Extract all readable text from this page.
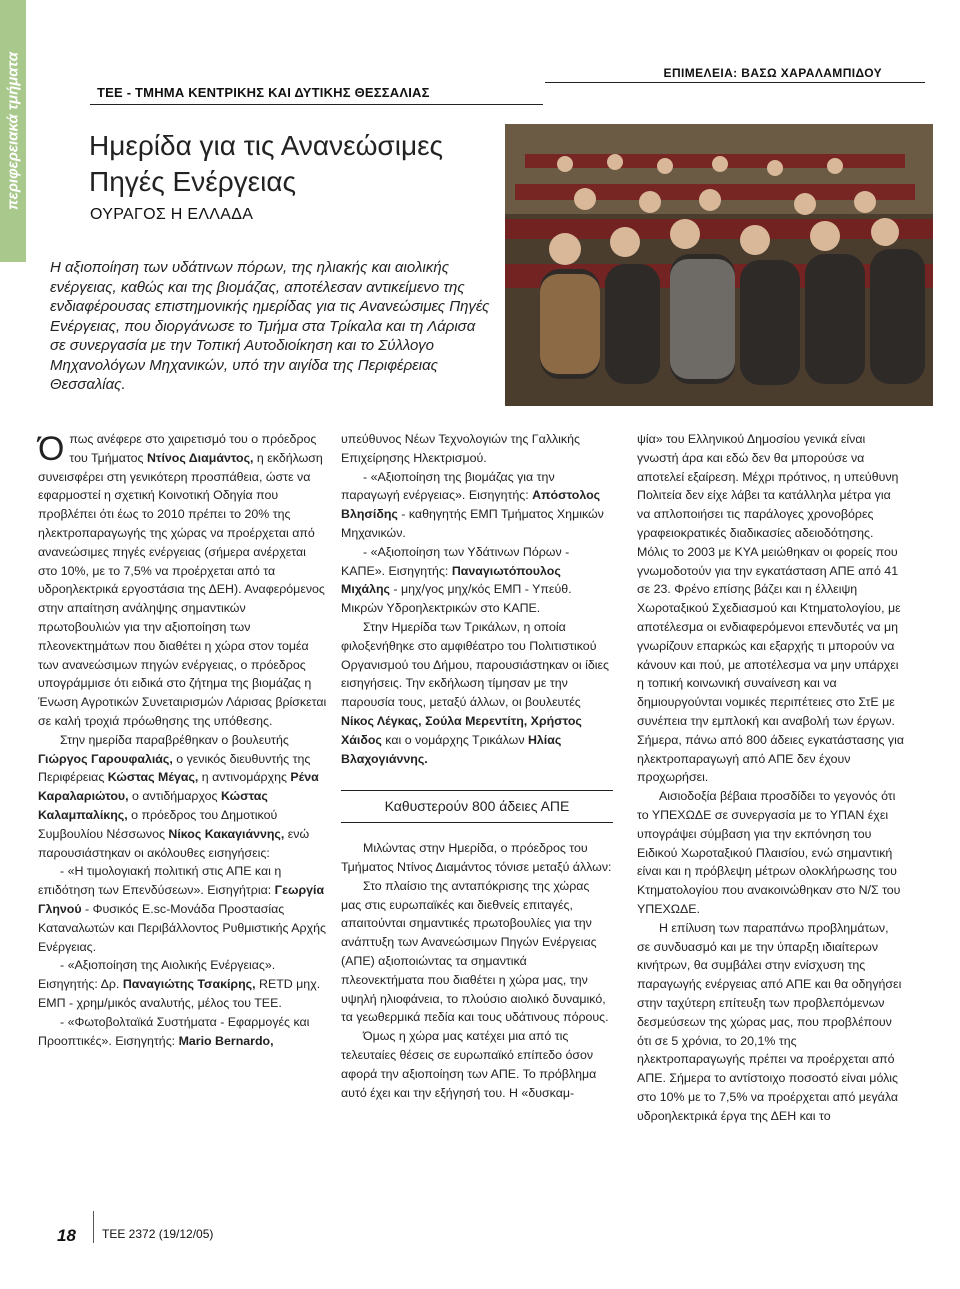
περιφερειακά τμήματα	ΤΕΕ - ΤΜΗΜΑ ΚΕΝΤΡΙΚΗΣ ΚΑΙ ΔΥΤΙΚΗΣ ΘΕΣΣΑΛΙΑΣ
ΕΠΙΜΕΛΕΙΑ: ΒΑΣΩ ΧΑΡΑΛΑΜΠΙΔΟΥ
Ημερίδα για τις Ανανεώσιμες Πηγές Ενέργειας
ΟΥΡΑΓΟΣ Η ΕΛΛΑΔΑ

Η αξιοποίηση των υδάτινων πόρων, της ηλιακής και αιολικής ενέργειας, καθώς και της βιομάζας, αποτέλεσαν αντικείμενο της ενδιαφέρουσας επιστημονικής ημερίδας για τις Ανανεώσιμες Πηγές Ενέργειας, που διοργάνωσε το Τμήμα στα Τρίκαλα και τη Λάρισα σε συνεργασία με την Τοπική Αυτοδιοίκηση και το Σύλλογο Μηχανολόγων Μηχανικών, υπό την αιγίδα της Περιφέρειας Θεσσαλίας.

Όπως ανέφερε στο χαιρετισμό του ο πρόεδρος του Τμήματος Ντίνος Διαμάντος, η εκδήλωση συνεισφέρει στη γενικότερη προσπάθεια, ώστε να εφαρμοστεί η σχετική Κοινοτική Οδηγία που προβλέπει ότι έως το 2010 πρέπει το 20% της ηλεκτροπαραγωγής της χώρας να προέρχεται από ανανεώσιμες πηγές ενέργειας (σήμερα ανέρχεται στο 10%, με το 7,5% να προέρχεται από τα υδροηλεκτρικά εργοστάσια της ΔΕΗ). Αναφερόμενος στην απαίτηση ανάληψης σημαντικών πρωτοβουλιών για την αξιοποίηση των πλεονεκτημάτων που διαθέτει η χώρα στον τομέα των ανανεώσιμων πηγών ενέργειας, ο πρόεδρος υπογράμμισε ότι ειδικά στο ζήτημα της βιομάζας η Ένωση Αγροτικών Συνεταιρισμών Λάρισας βρίσκεται σε καλή τροχιά πρόωθησης της υπόθεσης.

Στην ημερίδα παραβρέθηκαν ο βουλευτής Γιώργος Γαρουφαλιάς, ο γενικός διευθυντής της Περιφέρειας Κώστας Μέγας, η αντινομάρχης Ρένα Καραλαριώτου, ο αντιδήμαρχος Κώστας Καλαμπαλίκης, ο πρόεδρος του Δημοτικού Συμβουλίου Νέσσωνος Νίκος Κακαγιάννης, ενώ παρουσιάστηκαν οι ακόλουθες εισηγήσεις:

- «Η τιμολογιακή πολιτική στις ΑΠΕ και η επιδότηση των Επενδύσεων». Εισηγήτρια: Γεωργία Γληνού - Φυσικός E.sc-Μονάδα Προστασίας Καταναλωτών και Περιβάλλοντος Ρυθμιστικής Αρχής Ενέργειας.

- «Αξιοποίηση της Αιολικής Ενέργειας». Εισηγητής: Δρ. Παναγιώτης Τσακίρης, RETD μηχ. ΕΜΠ - χρημ/μικός αναλυτής, μέλος του ΤΕΕ.

- «Φωτοβολταϊκά Συστήματα - Εφαρμογές και Προοπτικές». Εισηγητής: Mario Bernardo,

υπεύθυνος Νέων Τεχνολογιών της Γαλλικής Επιχείρησης Ηλεκτρισμού.

- «Αξιοποίηση της βιομάζας για την παραγωγή ενέργειας». Εισηγητής: Απόστολος Βλησίδης - καθηγητής ΕΜΠ Τμήματος Χημικών Μηχανικών.

- «Αξιοποίηση των Υδάτινων Πόρων - ΚΑΠΕ». Εισηγητής: Παναγιωτόπουλος Μιχάλης - μηχ/γος μηχ/κός ΕΜΠ - Υπεύθ. Μικρών Υδροηλεκτρικών στο ΚΑΠΕ.

Στην Ημερίδα των Τρικάλων, η οποία φιλοξενήθηκε στο αμφιθέατρο του Πολιτιστικού Οργανισμού του Δήμου, παρουσιάστηκαν οι ίδιες εισηγήσεις. Την εκδήλωση τίμησαν με την παρουσία τους, μεταξύ άλλων, οι βουλευτές Νίκος Λέγκας, Σούλα Μερεντίτη, Χρήστος Χάιδος και ο νομάρχης Τρικάλων Ηλίας Βλαχογιάννης.

Καθυστερούν 800 άδειες ΑΠΕ

Μιλώντας στην Ημερίδα, ο πρόεδρος του Τμήματος Ντίνος Διαμάντος τόνισε μεταξύ άλλων:

Στο πλαίσιο της ανταπόκρισης της χώρας μας στις ευρωπαϊκές και διεθνείς επιταγές, απαιτούνται σημαντικές πρωτοβουλίες για την ανάπτυξη των Ανανεώσιμων Πηγών Ενέργειας (ΑΠΕ) αξιοποιώντας τα σημαντικά πλεονεκτήματα που διαθέτει η χώρα μας, την υψηλή ηλιοφάνεια, το πλούσιο αιολικό δυναμικό, τα γεωθερμικά πεδία και τους υδάτινους πόρους.

Όμως η χώρα μας κατέχει μια από τις τελευταίες θέσεις σε ευρωπαϊκό επίπεδο όσον αφορά την αξιοποίηση των ΑΠΕ. Το πρόβλημα αυτό έχει και την εξήγησή του. Η «δυσκαμ-

ψία» του Ελληνικού Δημοσίου γενικά είναι γνωστή άρα και εδώ δεν θα μπορούσε να αποτελεί εξαίρεση. Μέχρι πρότινος, η υπεύθυνη Πολιτεία δεν είχε λάβει τα κατάλληλα μέτρα για να απλοποιήσει τις παράλογες χρονοβόρες γραφειοκρατικές διαδικασίες αδειοδότησης. Μόλις το 2003 με ΚΥΑ μειώθηκαν οι φορείς που γνωμοδοτούν για την εγκατάσταση ΑΠΕ από 41 σε 23. Φρένο επίσης βάζει και η έλλειψη Χωροταξικού Σχεδιασμού και Κτηματολογίου, με αποτέλεσμα οι ενδιαφερόμενοι επενδυτές να μη γνωρίζουν επαρκώς και εξαρχής τι μπορούν να κάνουν και πού, με αποτέλεσμα να μην υπάρχει η τοπική κοινωνική συναίνεση και να δημιουργούνται νομικές περιπέτειες στο ΣτΕ με συνέπεια την εμπλοκή και αναβολή των έργων. Σήμερα, πάνω από 800 άδειες εγκατάστασης για ηλεκτροπαραγωγή από ΑΠΕ δεν έχουν προχωρήσει.

Αισιοδοξία βέβαια προσδίδει το γεγονός ότι το ΥΠΕΧΩΔΕ σε συνεργασία με το ΥΠΑΝ έχει υπογράψει σύμβαση για την εκπόνηση του Ειδικού Χωροταξικού Πλαισίου, ενώ σημαντική είναι και η πρόβλεψη μέτρων ολοκλήρωσης του Κτηματολογίου που ανακοινώθηκαν στο Ν/Σ του ΥΠΕΧΩΔΕ.

Η επίλυση των παραπάνω προβλημάτων, σε συνδυασμό και με την ύπαρξη ιδιαίτερων κινήτρων, θα συμβάλει στην ενίσχυση της παραγωγής ενέργειας από ΑΠΕ και θα οδηγήσει στην ταχύτερη επίτευξη των προβλεπόμενων δεσμεύσεων της χώρας μας, που προβλέπουν ότι σε 5 χρόνια, το 20,1% της ηλεκτροπαραγωγής πρέπει να προέρχεται από ΑΠΕ. Σήμερα το αντίστοιχο ποσοστό είναι μόλις στο 10% με το 7,5% να προέρχεται από μεγάλα υδροηλεκτρικά έργα της ΔΕΗ και το

18 ΤΕΕ 2372 (19/12/05)
